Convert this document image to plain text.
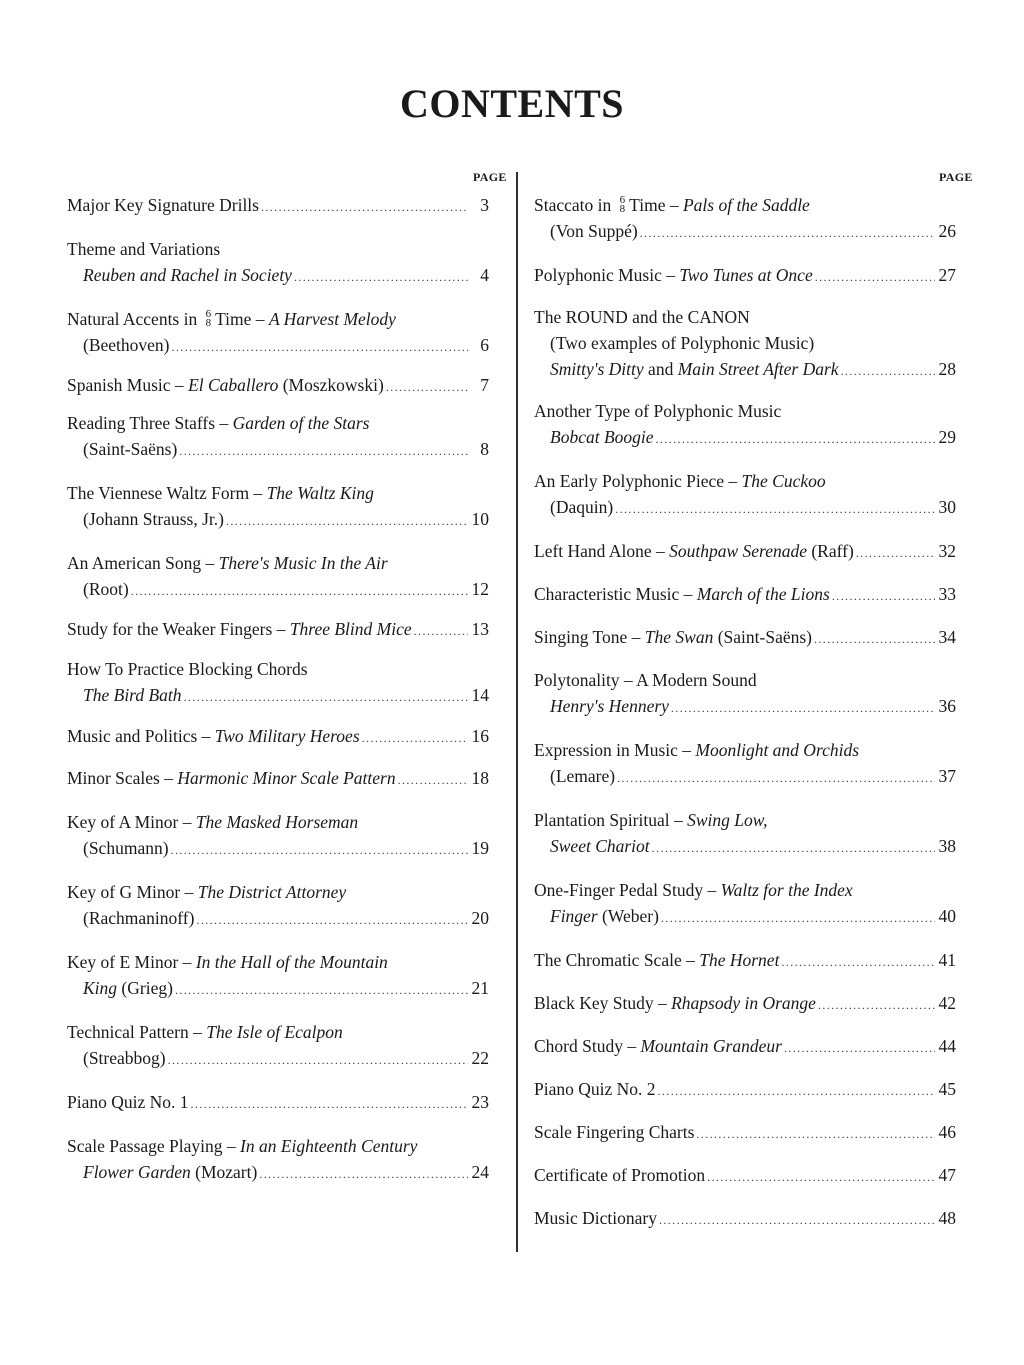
CONTENTS
PAGE	PAGE
Major Key Signature Drills .....	3
Theme and Variations
Reuben and Rachel in Society .....	4
Natural Accents in 6
8 Time – A Harvest Melody
(Beethoven) .....	6
Spanish Music – El Caballero (Moszkowski) .....	7
Reading Three Staffs – Garden of the Stars
(Saint-Saëns) .....	8
The Viennese Waltz Form – The Waltz King
(Johann Strauss, Jr.) .....	10
An American Song – There's Music In the Air
(Root) .....	12
Study for the Weaker Fingers – Three Blind Mice .....	13
How To Practice Blocking Chords
The Bird Bath .....	14
Music and Politics – Two Military Heroes .....	16
Minor Scales – Harmonic Minor Scale Pattern .....	18
Key of A Minor – The Masked Horseman
(Schumann) .....	19
Key of G Minor – The District Attorney
(Rachmaninoff) .....	20
Key of E Minor – In the Hall of the Mountain
King (Grieg) .....	21
Technical Pattern – The Isle of Ecalpon
(Streabbog) .....	22
Piano Quiz No. 1 .....	23
Scale Passage Playing – In an Eighteenth Century
Flower Garden (Mozart) .....	24
Staccato in 6
8 Time – Pals of the Saddle
(Von Suppé) .....	26
Polyphonic Music – Two Tunes at Once .....	27
The ROUND and the CANON
(Two examples of Polyphonic Music)
Smitty's Ditty and Main Street After Dark .....	28
Another Type of Polyphonic Music
Bobcat Boogie .....	29
An Early Polyphonic Piece – The Cuckoo
(Daquin) .....	30
Left Hand Alone – Southpaw Serenade (Raff) .....	32
Characteristic Music – March of the Lions .....	33
Singing Tone – The Swan (Saint-Saëns) .....	34
Polytonality – A Modern Sound
Henry's Hennery .....	36
Expression in Music – Moonlight and Orchids
(Lemare) .....	37
Plantation Spiritual – Swing Low,
Sweet Chariot .....	38
One-Finger Pedal Study – Waltz for the Index
Finger (Weber) .....	40
The Chromatic Scale – The Hornet .....	41
Black Key Study – Rhapsody in Orange .....	42
Chord Study – Mountain Grandeur .....	44
Piano Quiz No. 2 .....	45
Scale Fingering Charts .....	46
Certificate of Promotion .....	47
Music Dictionary .....	48
